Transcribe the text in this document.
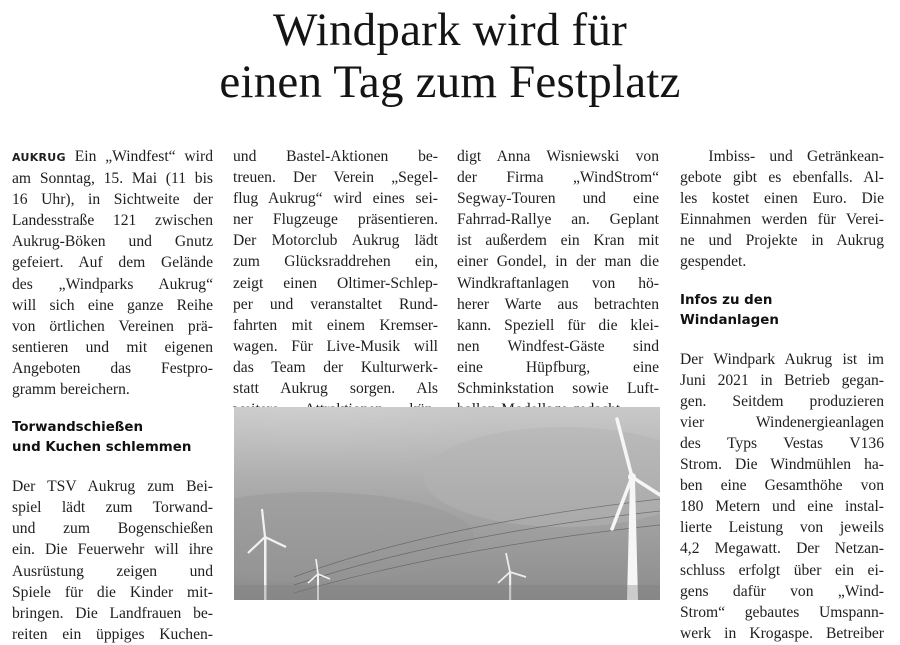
Windpark wird für
einen Tag zum Festplatz

AUKRUG Ein „Windfest“ wird
am Sonntag, 15. Mai (11 bis
16 Uhr), in Sichtweite der
Landesstraße 121 zwischen
Aukrug-Böken und Gnutz
gefeiert. Auf dem Gelände
des „Windparks Aukrug“
will sich eine ganze Reihe
von örtlichen Vereinen prä-
sentieren und mit eigenen
Angeboten das Festpro-
gramm bereichern.

Torwandschießen
und Kuchen schlemmen

Der TSV Aukrug zum Bei-
spiel lädt zum Torwand-
und zum Bogenschießen
ein. Die Feuerwehr will ihre
Ausrüstung zeigen und
Spiele für die Kinder mit-
bringen. Die Landfrauen be-
reiten ein üppiges Kuchen-

und Bastel-Aktionen be-
treuen. Der Verein „Segel-
flug Aukrug“ wird eines sei-
ner Flugzeuge präsentieren.
Der Motorclub Aukrug lädt
zum Glücksraddrehen ein,
zeigt einen Oltimer-Schlep-
per und veranstaltet Rund-
fahrten mit einem Kremser-
wagen. Für Live-Musik will
das Team der Kulturwerk-
statt Aukrug sorgen. Als

digt Anna Wisniewski von
der Firma „WindStrom“
Segway-Touren und eine
Fahrrad-Rallye an. Geplant
ist außerdem ein Kran mit
einer Gondel, in der man die
Windkraftanlagen von hö-
herer Warte aus betrachten
kann. Speziell für die klei-
nen Windfest-Gäste sind
eine Hüpfburg, eine
Schminkstation sowie Luft-

Imbiss- und Getränkean-
gebote gibt es ebenfalls. Al-
les kostet einen Euro. Die
Einnahmen werden für Verei-
ne und Projekte in Aukrug
gespendet.

Infos zu den
Windanlagen

Der Windpark Aukrug ist im
Juni 2021 in Betrieb gegan-
gen. Seitdem produzieren
vier Windenergieanlagen
des Typs Vestas V136
Strom. Die Windmühlen ha-
ben eine Gesamthöhe von
180 Metern und eine instal-
lierte Leistung von jeweils
4,2 Megawatt. Der Netzan-
schluss erfolgt über ein ei-
gens dafür von „Wind-
Strom“ gebautes Umspann-
werk in Krogaspe. Betreiber
